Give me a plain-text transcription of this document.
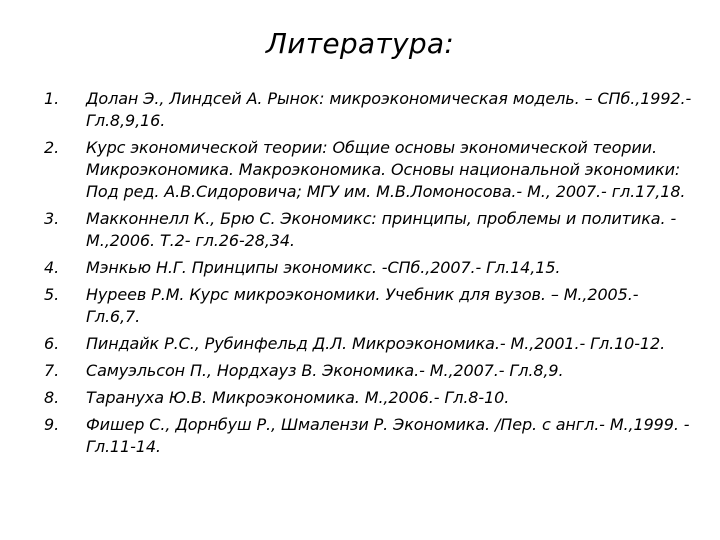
Литература:
1. Долан Э., Линдсей А. Рынок: микроэкономическая модель. – СПб.,1992.- Гл.8,9,16.
2. Курс экономической теории: Общие основы экономической теории. Микроэкономика. Макроэкономика. Основы национальной экономики: Под ред. А.В.Сидоровича; МГУ им. М.В.Ломоносова.- М., 2007.- гл.17,18.
3. Макконнелл К., Брю С. Экономикс: принципы, проблемы и политика. - М.,2006. Т.2- гл.26-28,34.
4. Мэнкью Н.Г. Принципы экономикс. -СПб.,2007.- Гл.14,15.
5. Нуреев Р.М. Курс микроэкономики. Учебник для вузов. – М.,2005.- Гл.6,7.
6. Пиндайк Р.С., Рубинфельд Д.Л. Микроэкономика.- М.,2001.- Гл.10-12.
7. Самуэльсон П., Нордхауз В. Экономика.- М.,2007.- Гл.8,9.
8. Тарануха Ю.В. Микроэкономика. М.,2006.- Гл.8-10.
9. Фишер С., Дорнбуш Р., Шмалензи Р. Экономика. /Пер. с англ.- М.,1999. - Гл.11-14.
